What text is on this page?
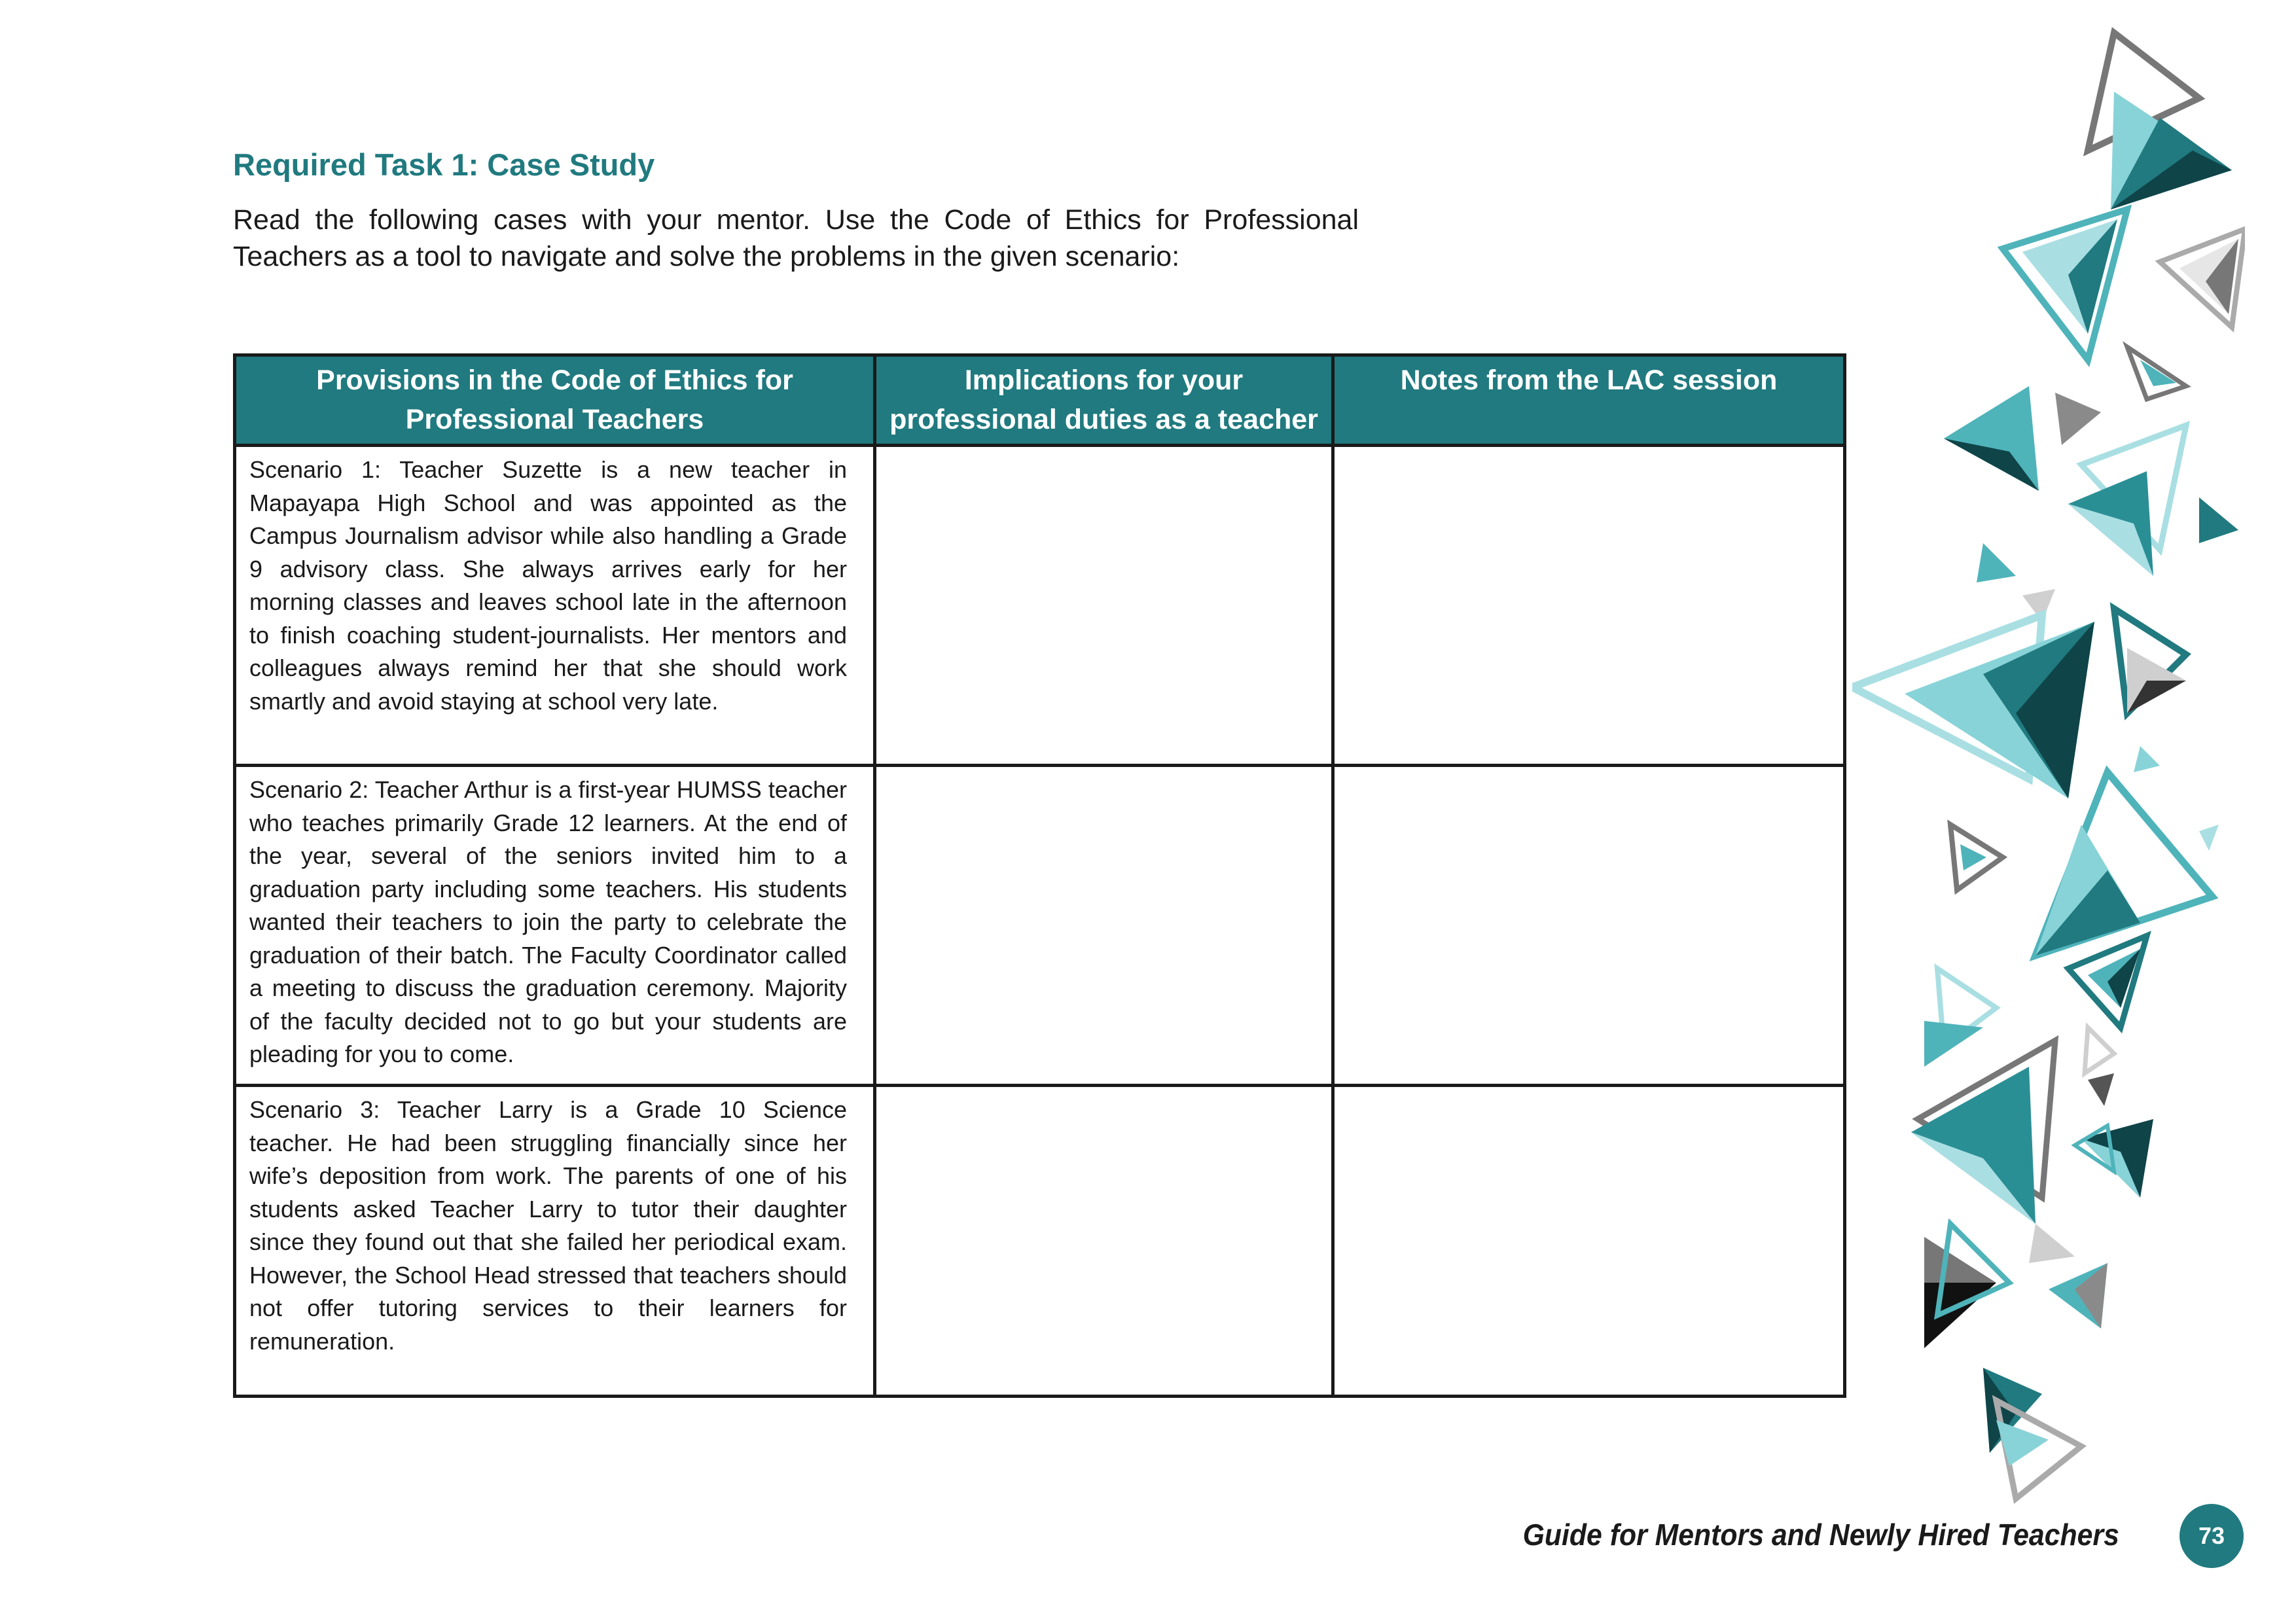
Required Task 1: Case Study

Read the following cases with your mentor. Use the Code of Ethics for Professional Teachers as a tool to navigate and solve the problems in the given scenario:

Provisions in the Code of Ethics for Professional Teachers	Implications for your professional duties as a teacher	Notes from the LAC session
Scenario 1: Teacher Suzette is a new teacher in Mapayapa High School and was appointed as the Campus Journalism advisor while also handling a Grade 9 advisory class. She always arrives early for her morning classes and leaves school late in the afternoon to finish coaching student-journalists. Her mentors and colleagues always remind her that she should work smartly and avoid staying at school very late.		
Scenario 2: Teacher Arthur is a first-year HUMSS teacher who teaches primarily Grade 12 learners. At the end of the year, several of the seniors invited him to a graduation party including some teachers. His students wanted their teachers to join the party to celebrate the graduation of their batch. The Faculty Coordinator called a meeting to discuss the graduation ceremony. Majority of the faculty decided not to go but your students are pleading for you to come.		
Scenario 3: Teacher Larry is a Grade 10 Science teacher. He had been struggling financially since her wife’s deposition from work. The parents of one of his students asked Teacher Larry to tutor their daughter since they found out that she failed her periodical exam. However, the School Head stressed that teachers should not offer tutoring services to their learners for remuneration.		
Guide for Mentors and Newly Hired Teachers	73
